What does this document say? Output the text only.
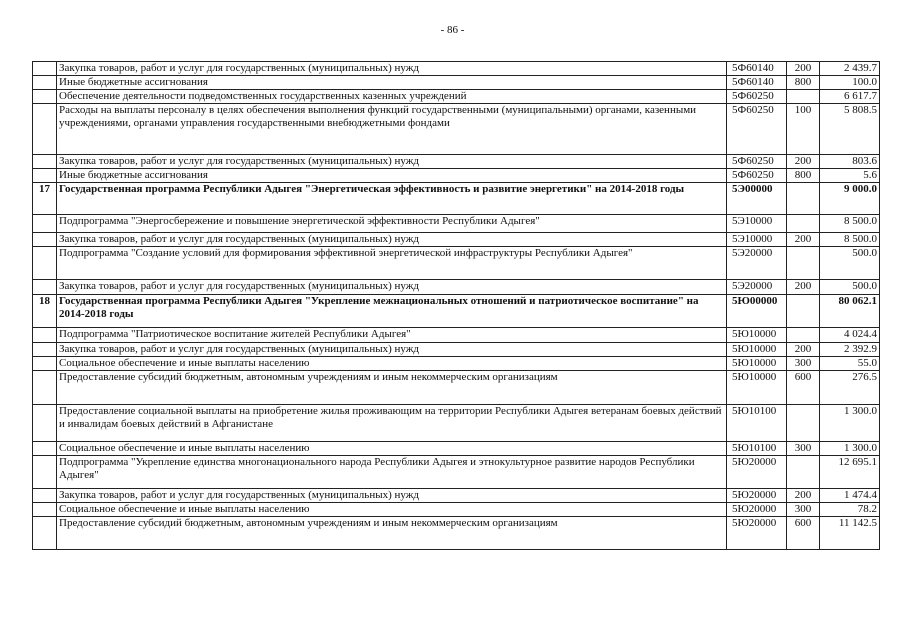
- 86 -
	Закупка товаров, работ и услуг для государственных (муниципальных) нужд	5Ф60140	200	2 439.7
	Иные бюджетные ассигнования	5Ф60140	800	100.0
	Обеспечение деятельности подведомственных государственных казенных учреждений	5Ф60250		6 617.7
	Расходы на выплаты персоналу в целях обеспечения выполнения функций государственными (муниципальными) органами, казенными учреждениями, органами управления государственными внебюджетными фондами	5Ф60250	100	5 808.5
	Закупка товаров, работ и услуг для государственных (муниципальных) нужд	5Ф60250	200	803.6
	Иные бюджетные ассигнования	5Ф60250	800	5.6
17	Государственная программа Республики Адыгея "Энергетическая эффективность и развитие энергетики" на 2014-2018 годы	5Э00000		9 000.0
	Подпрограмма "Энергосбережение и повышение энергетической эффективности Республики Адыгея"	5Э10000		8 500.0
	Закупка товаров, работ и услуг для государственных (муниципальных) нужд	5Э10000	200	8 500.0
	Подпрограмма "Создание условий для формирования эффективной энергетической инфраструктуры Республики Адыгея"	5Э20000		500.0
	Закупка товаров, работ и услуг для государственных (муниципальных) нужд	5Э20000	200	500.0
18	Государственная программа Республики Адыгея "Укрепление межнациональных отношений и патриотическое воспитание" на 2014-2018 годы	5Ю00000		80 062.1
	Подпрограмма "Патриотическое воспитание жителей Республики Адыгея"	5Ю10000		4 024.4
	Закупка товаров, работ и услуг для государственных (муниципальных) нужд	5Ю10000	200	2 392.9
	Социальное обеспечение и иные выплаты населению	5Ю10000	300	55.0
	Предоставление субсидий бюджетным, автономным учреждениям и иным некоммерческим организациям	5Ю10000	600	276.5
	Предоставление социальной выплаты на приобретение жилья проживающим на территории Республики Адыгея ветеранам боевых действий и инвалидам боевых действий в Афганистане	5Ю10100		1 300.0
	Социальное обеспечение и иные выплаты населению	5Ю10100	300	1 300.0
	Подпрограмма "Укрепление единства многонационального народа Республики Адыгея и этнокультурное развитие народов Республики Адыгея"	5Ю20000		12 695.1
	Закупка товаров, работ и услуг для государственных (муниципальных) нужд	5Ю20000	200	1 474.4
	Социальное обеспечение и иные выплаты населению	5Ю20000	300	78.2
	Предоставление субсидий бюджетным, автономным учреждениям и иным некоммерческим организациям	5Ю20000	600	11 142.5
